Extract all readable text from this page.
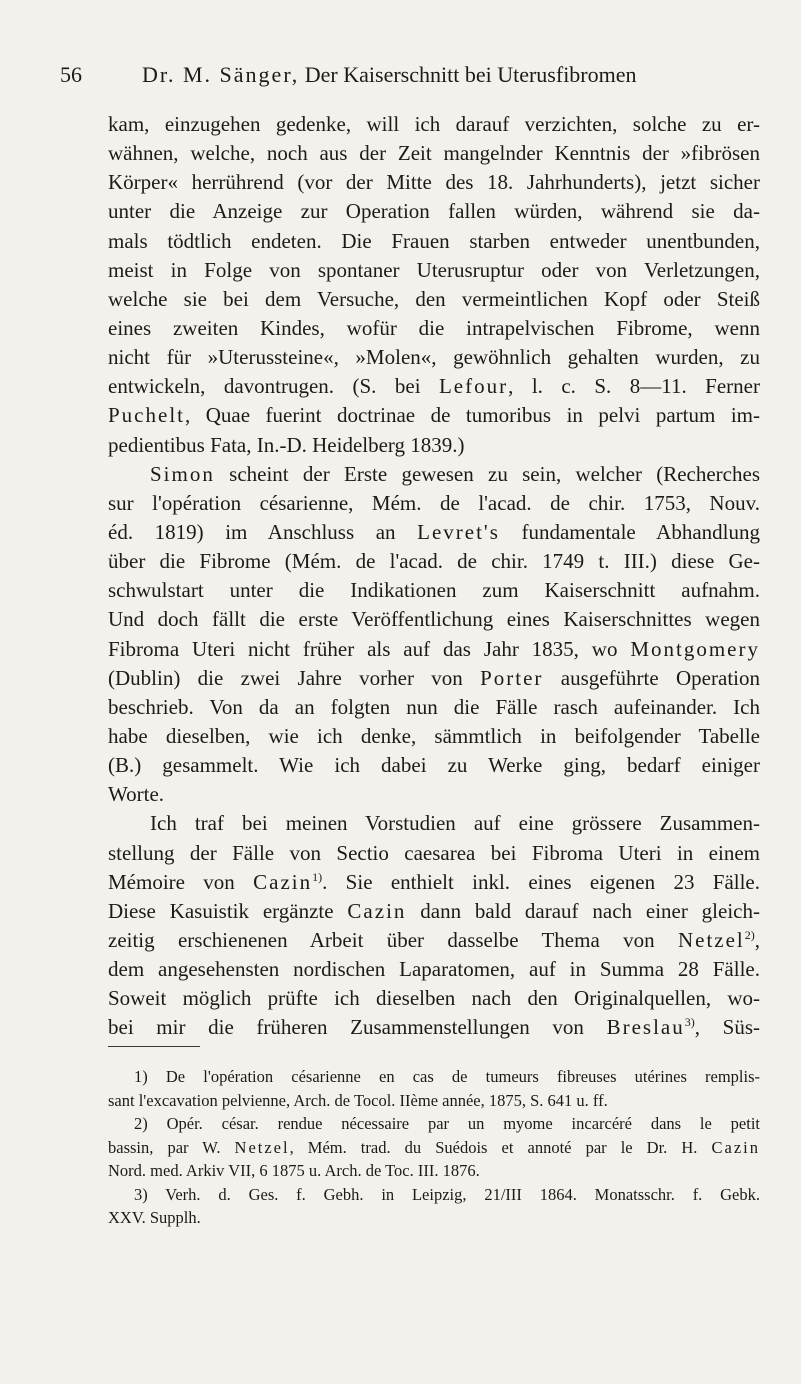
56	Dr. M. Sänger, Der Kaiserschnitt bei Uterusfibromen
kam, einzugehen gedenke, will ich darauf verzichten, solche zu er-
wähnen, welche, noch aus der Zeit mangelnder Kenntnis der »fibrösen
Körper« herrührend (vor der Mitte des 18. Jahrhunderts), jetzt sicher
unter die Anzeige zur Operation fallen würden, während sie da-
mals tödtlich endeten. Die Frauen starben entweder unentbunden,
meist in Folge von spontaner Uterusruptur oder von Verletzungen,
welche sie bei dem Versuche, den vermeintlichen Kopf oder Steiß
eines zweiten Kindes, wofür die intrapelvischen Fibrome, wenn
nicht für »Uterussteine«, »Molen«, gewöhnlich gehalten wurden, zu
entwickeln, davontrugen. (S. bei Lefour, l. c. S. 8—11. Ferner
Puchelt, Quae fuerint doctrinae de tumoribus in pelvi partum im-
pedientibus Fata, In.-D. Heidelberg 1839.)
Simon scheint der Erste gewesen zu sein, welcher (Recherches
sur l'opération césarienne, Mém. de l'acad. de chir. 1753, Nouv.
éd. 1819) im Anschluss an Levret's fundamentale Abhandlung
über die Fibrome (Mém. de l'acad. de chir. 1749 t. III.) diese Ge-
schwulstart unter die Indikationen zum Kaiserschnitt aufnahm.
Und doch fällt die erste Veröffentlichung eines Kaiserschnittes wegen
Fibroma Uteri nicht früher als auf das Jahr 1835, wo Montgomery
(Dublin) die zwei Jahre vorher von Porter ausgeführte Operation
beschrieb. Von da an folgten nun die Fälle rasch aufeinander. Ich
habe dieselben, wie ich denke, sämmtlich in beifolgender Tabelle
(B.) gesammelt. Wie ich dabei zu Werke ging, bedarf einiger
Worte.
Ich traf bei meinen Vorstudien auf eine grössere Zusammen-
stellung der Fälle von Sectio caesarea bei Fibroma Uteri in einem
Mémoire von Cazin$^{1)}$. Sie enthielt inkl. eines eigenen 23 Fälle.
Diese Kasuistik ergänzte Cazin dann bald darauf nach einer gleich-
zeitig erschienenen Arbeit über dasselbe Thema von Netzel$^{2)}$,
dem angesehensten nordischen Laparatomen, auf in Summa 28 Fälle.
Soweit möglich prüfte ich dieselben nach den Originalquellen, wo-
bei mir die früheren Zusammenstellungen von Breslau$^{3)}$, Süs-
1) De l'opération césarienne en cas de tumeurs fibreuses utérines remplis-
sant l'excavation pelvienne, Arch. de Tocol. IIème année, 1875, S. 641 u. ff.
2) Opér. césar. rendue nécessaire par un myome incarcéré dans le petit
bassin, par W. Netzel, Mém. trad. du Suédois et annoté par le Dr. H. Cazin
Nord. med. Arkiv VII, 6 1875 u. Arch. de Toc. III. 1876.
3) Verh. d. Ges. f. Gebh. in Leipzig, 21/III 1864. Monatsschr. f. Gebk.
XXV. Supplh.
